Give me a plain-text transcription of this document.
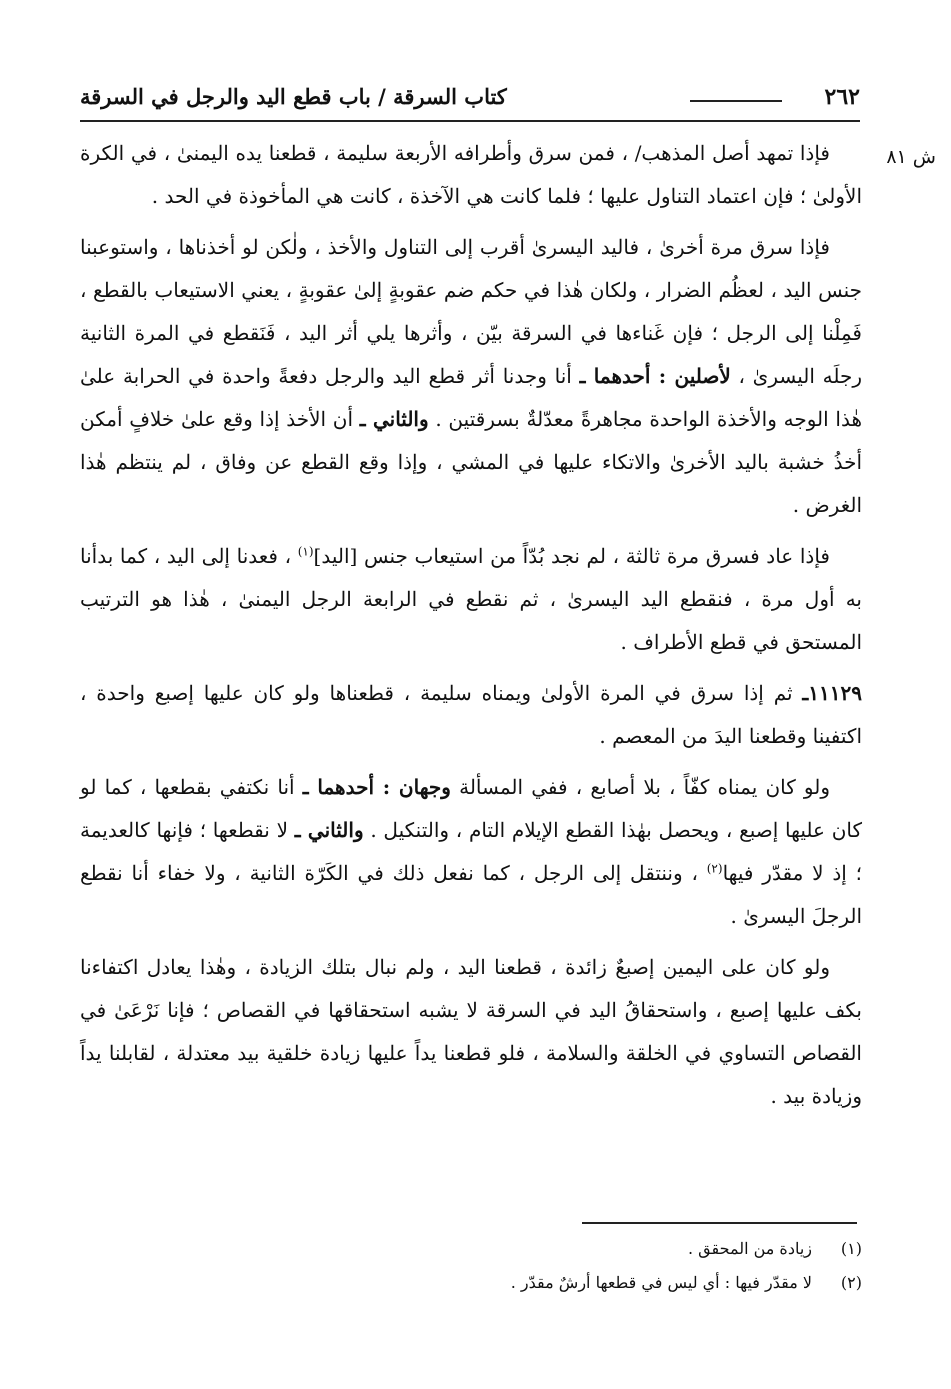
٢٦٢
كتاب السرقة / باب قطع اليد والرجل في السرقة
ش ٨١

فإذا تمهد أصل المذهب/ ، فمن سرق وأطرافه الأربعة سليمة ، قطعنا يده اليمنىٰ ، في الكرة الأولىٰ ؛ فإن اعتماد التناول عليها ؛ فلما كانت هي الآخذة ، كانت هي المأخوذة في الحد .

فإذا سرق مرة أخرىٰ ، فاليد اليسرىٰ أقرب إلى التناول والأخذ ، ولٰكن لو أخذناها ، واستوعبنا جنس اليد ، لعظُم الضرار ، ولكان هٰذا في حكم ضم عقوبةٍ إلىٰ عقوبةٍ ، يعني الاستيعاب بالقطع ، فَمِلْنا إلى الرجل ؛ فإن غَناءها في السرقة بيّن ، وأثرها يلي أثر اليد ، فَنَقطع في المرة الثانية رجلَه اليسرىٰ ، لأصلين : أحدهما ـ أنا وجدنا أثر قطع اليد والرجل دفعةً واحدة في الحرابة علىٰ هٰذا الوجه والأخذة الواحدة مجاهرةً معدّلةٌ بسرقتين . والثاني ـ أن الأخذ إذا وقع علىٰ خلافٍ أمكن أخذُ خشبة باليد الأخرىٰ والاتكاء عليها في المشي ، وإذا وقع القطع عن وفاق ، لم ينتظم هٰذا الغرض .

فإذا عاد فسرق مرة ثالثة ، لم نجد بُدّاً من استيعاب جنس [اليد]$^{(١)}$ ، فعدنا إلى اليد ، كما بدأنا به أول مرة ، فنقطع اليد اليسرىٰ ، ثم نقطع في الرابعة الرجل اليمنىٰ ، هٰذا هو الترتيب المستحق في قطع الأطراف .

١١١٢٩ـ ثم إذا سرق في المرة الأولىٰ ويمناه سليمة ، قطعناها ولو كان عليها إصبع واحدة ، اكتفينا وقطعنا اليدَ من المعصم .

ولو كان يمناه كفّاً ، بلا أصابع ، ففي المسألة وجهان : أحدهما ـ أنا نكتفي بقطعها ، كما لو كان عليها إصبع ، ويحصل بهٰذا القطع الإيلام التام ، والتنكيل . والثاني ـ لا نقطعها ؛ فإنها كالعديمة ؛ إذ لا مقدّر فيها$^{(٢)}$ ، وننتقل إلى الرجل ، كما نفعل ذلك في الكَرّة الثانية ، ولا خفاء أنا نقطع الرجلَ اليسرىٰ .

ولو كان على اليمين إصبعٌ زائدة ، قطعنا اليد ، ولم نبال بتلك الزيادة ، وهٰذا يعادل اكتفاءنا بكف عليها إصبع ، واستحقاقُ اليد في السرقة لا يشبه استحقاقها في القصاص ؛ فإنا نَرْعَىٰ في القصاص التساوي في الخلقة والسلامة ، فلو قطعنا يداً عليها زيادة خلقية بيد معتدلة ، لقابلنا يداً وزيادة بيد .

(١)
زيادة من المحقق .
(٢)
لا مقدّر فيها : أي ليس في قطعها أرشٌ مقدّر .
